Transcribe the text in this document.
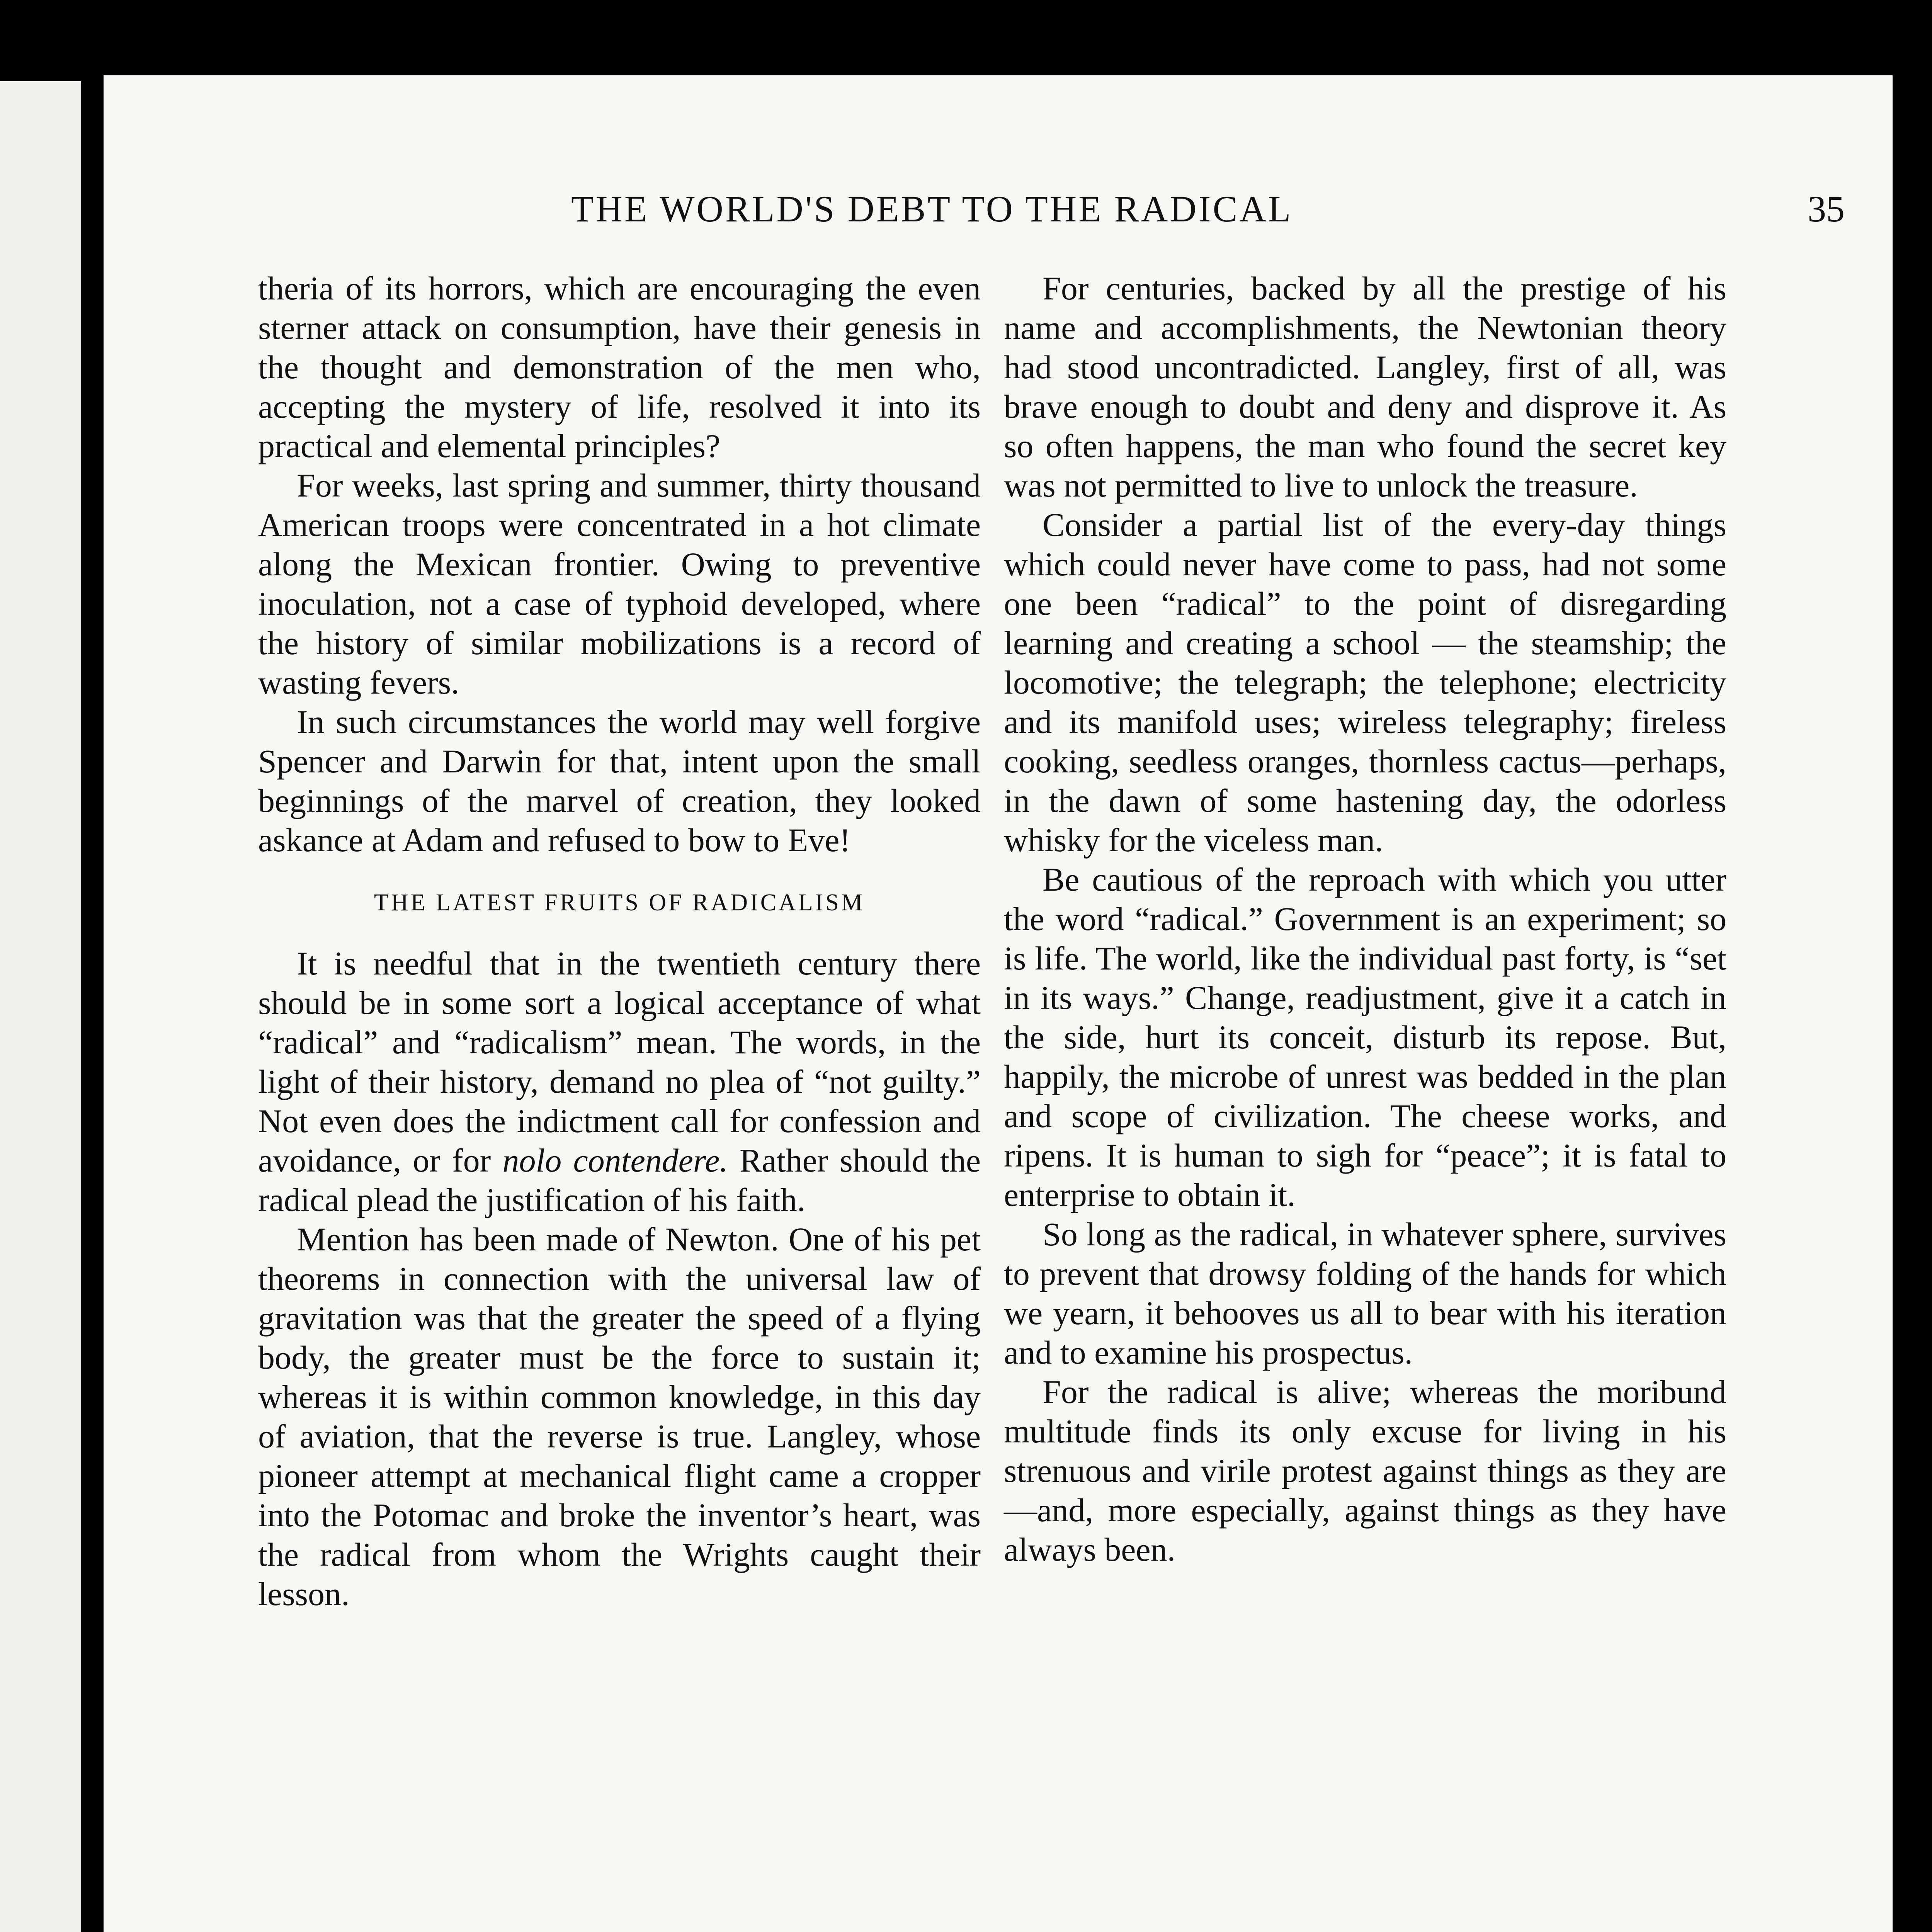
THE WORLD'S DEBT TO THE RADICAL	35

theria of its horrors, which are encouraging the even sterner attack on consumption, have their genesis in the thought and demonstration of the men who, accepting the mystery of life, resolved it into its practical and elemental principles?

For weeks, last spring and summer, thirty thousand American troops were concentrated in a hot climate along the Mexican frontier. Owing to preventive inoculation, not a case of typhoid developed, where the history of similar mobilizations is a record of wasting fevers.

In such circumstances the world may well forgive Spencer and Darwin for that, intent upon the small beginnings of the marvel of creation, they looked askance at Adam and refused to bow to Eve!

THE LATEST FRUITS OF RADICALISM

It is needful that in the twentieth century there should be in some sort a logical acceptance of what “radical” and “radicalism” mean. The words, in the light of their history, demand no plea of “not guilty.” Not even does the indictment call for confession and avoidance, or for nolo contendere. Rather should the radical plead the justification of his faith.

Mention has been made of Newton. One of his pet theorems in connection with the universal law of gravitation was that the greater the speed of a flying body, the greater must be the force to sustain it; whereas it is within common knowledge, in this day of aviation, that the reverse is true. Langley, whose pioneer attempt at mechanical flight came a cropper into the Potomac and broke the inventor’s heart, was the radical from whom the Wrights caught their lesson.

For centuries, backed by all the prestige of his name and accomplishments, the Newtonian theory had stood uncontradicted. Langley, first of all, was brave enough to doubt and deny and disprove it. As so often happens, the man who found the secret key was not permitted to live to unlock the treasure.

Consider a partial list of the every-day things which could never have come to pass, had not some one been “radical” to the point of disregarding learning and creating a school — the steamship; the locomotive; the telegraph; the telephone; electricity and its manifold uses; wireless telegraphy; fireless cooking, seedless oranges, thornless cactus—perhaps, in the dawn of some hastening day, the odorless whisky for the viceless man.

Be cautious of the reproach with which you utter the word “radical.” Government is an experiment; so is life. The world, like the individual past forty, is “set in its ways.” Change, readjustment, give it a catch in the side, hurt its conceit, disturb its repose. But, happily, the microbe of unrest was bedded in the plan and scope of civilization. The cheese works, and ripens. It is human to sigh for “peace”; it is fatal to enterprise to obtain it.

So long as the radical, in whatever sphere, survives to prevent that drowsy folding of the hands for which we yearn, it behooves us all to bear with his iteration and to examine his prospectus.

For the radical is alive; whereas the moribund multitude finds its only excuse for living in his strenuous and virile protest against things as they are—and, more especially, against things as they have always been.
